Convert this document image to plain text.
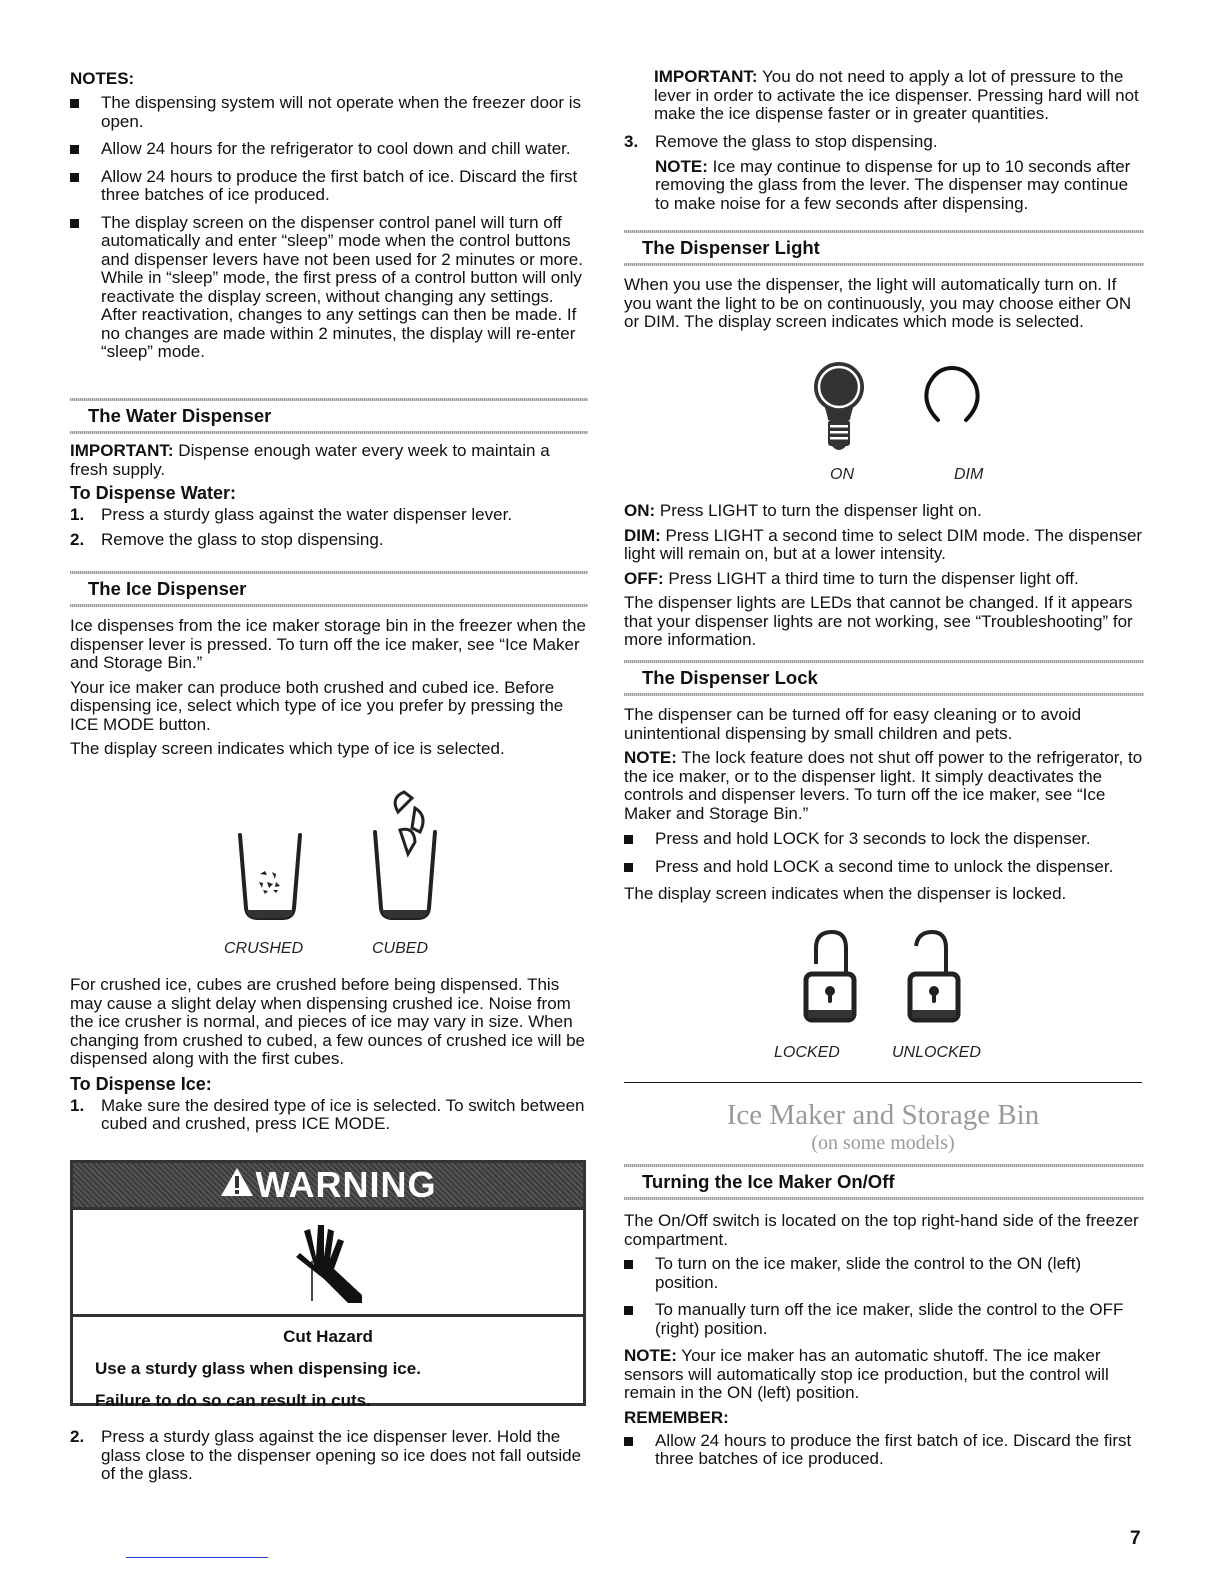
NOTES:
The dispensing system will not operate when the freezer door is open.
Allow 24 hours for the refrigerator to cool down and chill water.
Allow 24 hours to produce the first batch of ice. Discard the first three batches of ice produced.
The display screen on the dispenser control panel will turn off automatically and enter “sleep” mode when the control buttons and dispenser levers have not been used for 2 minutes or more. While in “sleep” mode, the first press of a control button will only reactivate the display screen, without changing any settings. After reactivation, changes to any settings can then be made. If no changes are made within 2 minutes, the display will re-enter “sleep” mode.
The Water Dispenser

IMPORTANT: Dispense enough water every week to maintain a fresh supply.

To Dispense Water:
1. Press a sturdy glass against the water dispenser lever.
2. Remove the glass to stop dispensing.
The Ice Dispenser

Ice dispenses from the ice maker storage bin in the freezer when the dispenser lever is pressed. To turn off the ice maker, see “Ice Maker and Storage Bin.”

Your ice maker can produce both crushed and cubed ice. Before dispensing ice, select which type of ice you prefer by pressing the ICE MODE button.

The display screen indicates which type of ice is selected.

CRUSHED	CUBED

For crushed ice, cubes are crushed before being dispensed. This may cause a slight delay when dispensing crushed ice. Noise from the ice crusher is normal, and pieces of ice may vary in size. When changing from crushed to cubed, a few ounces of crushed ice will be dispensed along with the first cubes.

To Dispense Ice:
1. Make sure the desired type of ice is selected. To switch between cubed and crushed, press ICE MODE.
WARNING
Cut Hazard
Use a sturdy glass when dispensing ice.
Failure to do so can result in cuts.
2. Press a sturdy glass against the ice dispenser lever. Hold the glass close to the dispenser opening so ice does not fall outside of the glass.

IMPORTANT: You do not need to apply a lot of pressure to the lever in order to activate the ice dispenser. Pressing hard will not make the ice dispense faster or in greater quantities.

3. Remove the glass to stop dispensing.

NOTE: Ice may continue to dispense for up to 10 seconds after removing the glass from the lever. The dispenser may continue to make noise for a few seconds after dispensing.

The Dispenser Light

When you use the dispenser, the light will automatically turn on. If you want the light to be on continuously, you may choose either ON or DIM. The display screen indicates which mode is selected.

ON	DIM

ON: Press LIGHT to turn the dispenser light on.

DIM: Press LIGHT a second time to select DIM mode. The dispenser light will remain on, but at a lower intensity.

OFF: Press LIGHT a third time to turn the dispenser light off.

The dispenser lights are LEDs that cannot be changed. If it appears that your dispenser lights are not working, see “Troubleshooting” for more information.

The Dispenser Lock

The dispenser can be turned off for easy cleaning or to avoid unintentional dispensing by small children and pets.

NOTE: The lock feature does not shut off power to the refrigerator, to the ice maker, or to the dispenser light. It simply deactivates the controls and dispenser levers. To turn off the ice maker, see “Ice Maker and Storage Bin.”

Press and hold LOCK for 3 seconds to lock the dispenser.
Press and hold LOCK a second time to unlock the dispenser.

The display screen indicates when the dispenser is locked.

LOCKED	UNLOCKED
Ice Maker and Storage Bin
(on some models)
Turning the Ice Maker On/Off

The On/Off switch is located on the top right-hand side of the freezer compartment.

To turn on the ice maker, slide the control to the ON (left) position.
To manually turn off the ice maker, slide the control to the OFF (right) position.

NOTE: Your ice maker has an automatic shutoff. The ice maker sensors will automatically stop ice production, but the control will remain in the ON (left) position.

REMEMBER:
Allow 24 hours to produce the first batch of ice. Discard the first three batches of ice produced.
7
